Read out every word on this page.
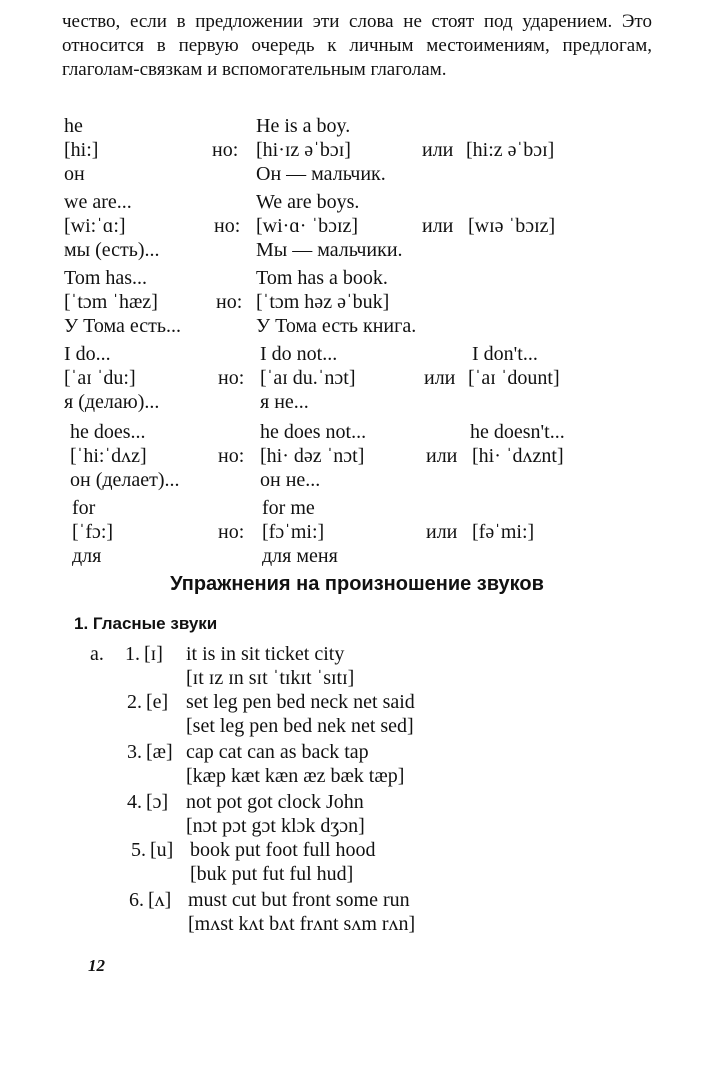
чество, если в предложении эти слова не стоят под ударением. Это относится в первую очередь к личным местоимениям, предлогам, глаголам-связкам и вспомогательным глаголам.
he
[hi:]
он
но:
He is a boy.
[hi·ɪz əˈbɔɪ]
Он — мальчик.
или [hi:z əˈbɔɪ]
we are...
[wi:ˈɑ:]
мы (есть)...
но:
We are boys.
[wi·ɑ· ˈbɔɪz]
Мы — мальчики.
или [wɪə ˈbɔɪz]
Tom has...
[ˈtɔm ˈhæz]
У Тома есть...
но:
Tom has a book.
[ˈtɔm həz əˈbuk]
У Тома есть книга.
I do...
[ˈaɪ ˈdu:]
я (делаю)...
но:
I do not...
[ˈaɪ du.ˈnɔt]
я не...
I don't...
или [ˈaɪ ˈdount]
he does...
[ˈhi:ˈdʌz]
он (делает)...
но:
he does not...
[hi· dəz ˈnɔt]
он не...
he doesn't...
или [hi· ˈdʌznt]
for
[ˈfɔ:]
для
но:
for me
[fɔˈmi:]
для меня
или [fəˈmi:]
Упражнения на произношение звуков
1. Гласные звуки
a.	1. [ɪ] it is in sit ticket city
[ɪt ɪz ɪn sɪt ˈtɪkɪt ˈsɪtɪ]
2. [e] set leg pen bed neck net said
[set leg pen bed nek net sed]
3. [æ] cap cat can as back tap
[kæp kæt kæn æz bæk tæp]
4. [ɔ] not pot got clock John
[nɔt pɔt gɔt klɔk dʒɔn]
5. [u] book put foot full hood
[buk put fut ful hud]
6. [ʌ] must cut but front some run
[mʌst kʌt bʌt frʌnt sʌm rʌn]
12
